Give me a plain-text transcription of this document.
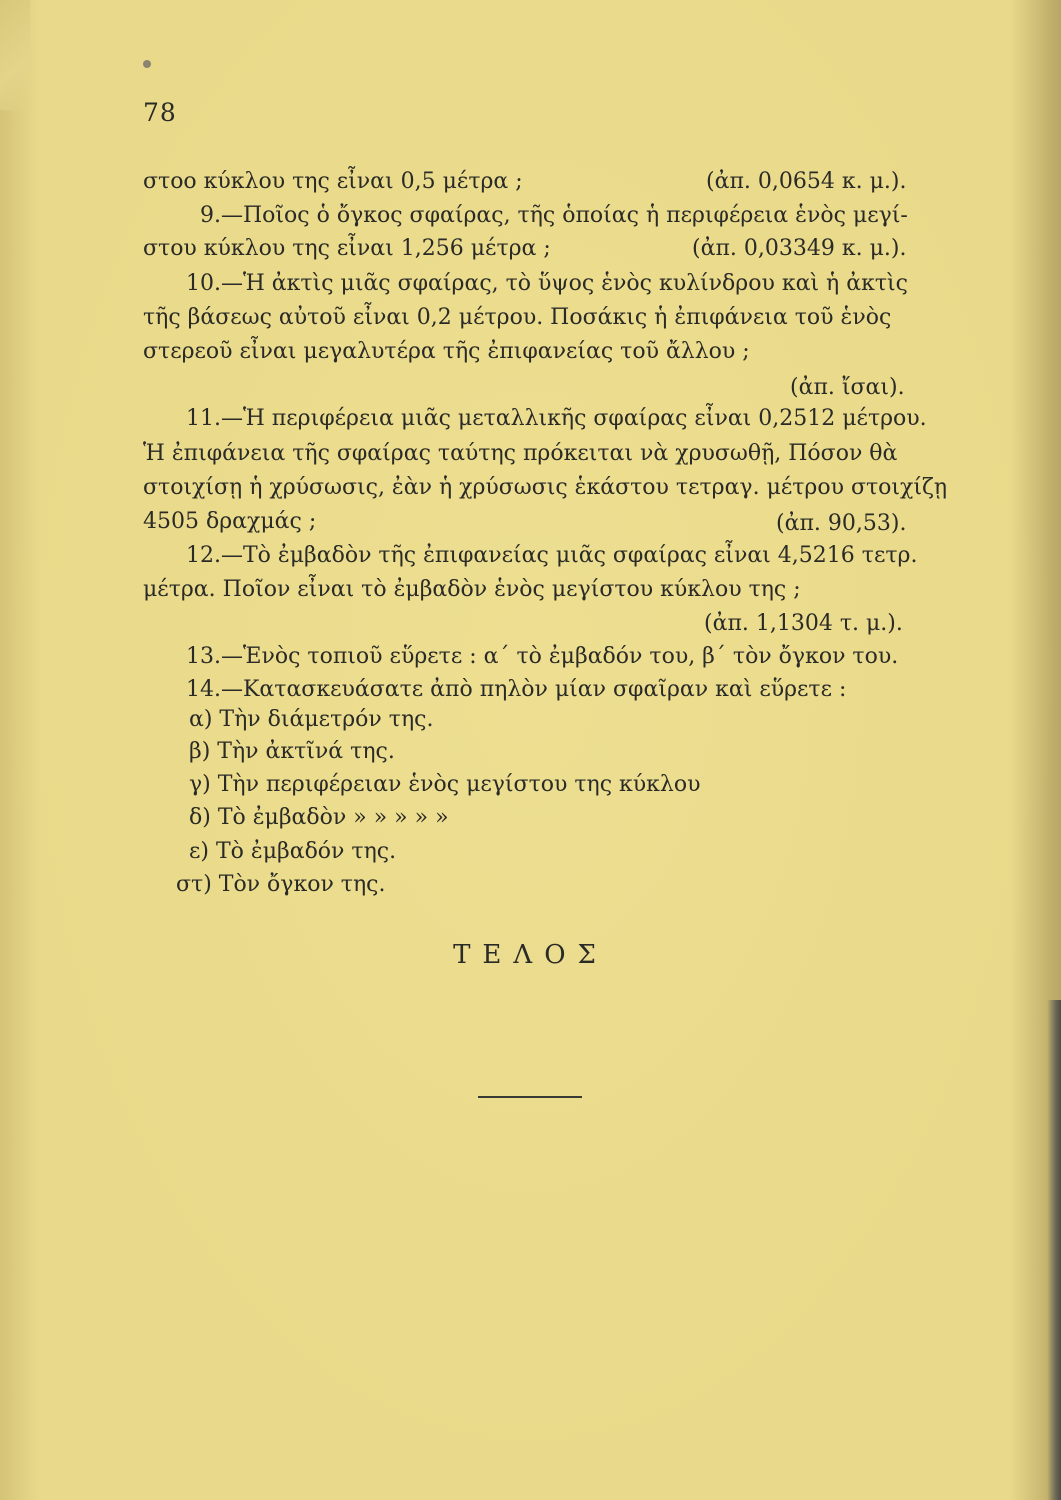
78
στοο κύκλου της εἶναι 0,5 μέτρα ;	(ἀπ. 0,0654 κ. μ.).
9.—Ποῖος ὁ ὄγκος σφαίρας, τῆς ὁποίας ἡ περιφέρεια ἑνὸς μεγί-
στου κύκλου της εἶναι 1,256 μέτρα ;	(ἀπ. 0,03349 κ. μ.).
10.—Ἡ ἀκτὶς μιᾶς σφαίρας, τὸ ὕψος ἑνὸς κυλίνδρου καὶ ἡ ἀκτὶς
τῆς βάσεως αὐτοῦ εἶναι 0,2 μέτρου. Ποσάκις ἡ ἐπιφάνεια τοῦ ἑνὸς
στερεοῦ εἶναι μεγαλυτέρα τῆς ἐπιφανείας τοῦ ἄλλου ;
(ἀπ. ἴσαι).
11.—Ἡ περιφέρεια μιᾶς μεταλλικῆς σφαίρας εἶναι 0,2512 μέτρου.
Ἡ ἐπιφάνεια τῆς σφαίρας ταύτης πρόκειται νὰ χρυσωθῇ, Πόσον θὰ
στοιχίσῃ ἡ χρύσωσις, ἐὰν ἡ χρύσωσις ἑκάστου τετραγ. μέτρου στοιχίζῃ
4505 δραχμάς ;	(ἀπ. 90,53).
12.—Τὸ ἐμβαδὸν τῆς ἐπιφανείας μιᾶς σφαίρας εἶναι 4,5216 τετρ.
μέτρα. Ποῖον εἶναι τὸ ἐμβαδὸν ἑνὸς μεγίστου κύκλου της ;
(ἀπ. 1,1304 τ. μ.).
13.—Ἑνὸς τοπιοῦ εὕρετε : α΄ τὸ ἐμβαδόν του, β΄ τὸν ὄγκον του.
14.—Κατασκευάσατε ἀπὸ πηλὸν μίαν σφαῖραν καὶ εὕρετε :
α) Τὴν διάμετρόν της.
β) Τὴν ἀκτῖνά της.
γ) Τὴν περιφέρειαν ἑνὸς μεγίστου της κύκλου
δ) Τὸ ἐμβαδὸν » » » » »
ε) Τὸ ἐμβαδόν της.
στ) Τὸν ὄγκον της.
ΤΕΛΟΣ
